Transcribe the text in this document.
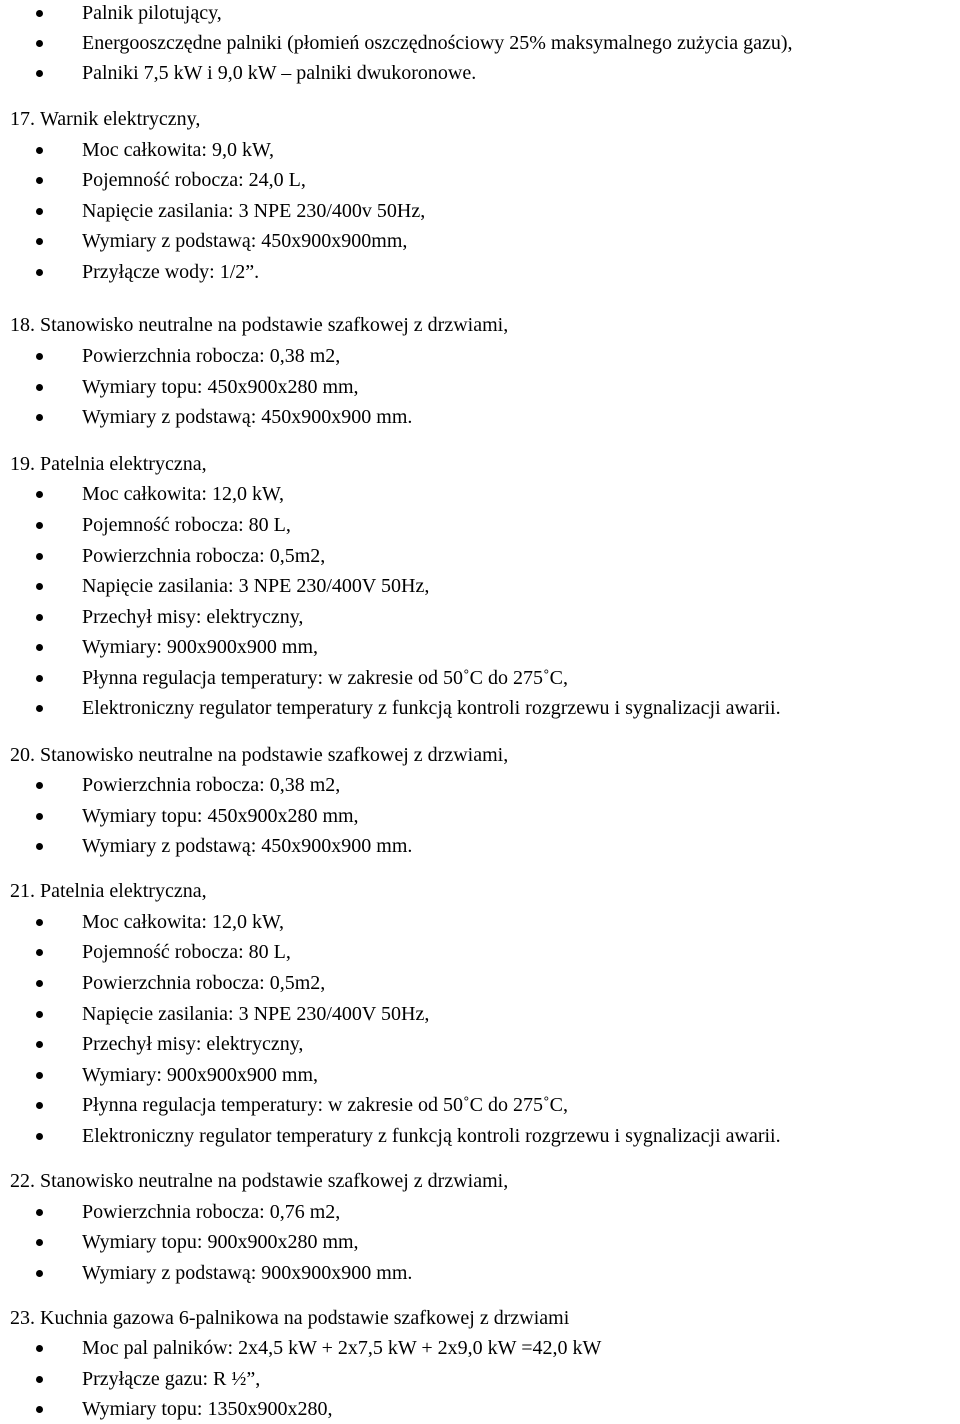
Palnik pilotujący,
Energooszczędne palniki (płomień oszczędnościowy 25% maksymalnego zużycia gazu),
Palniki 7,5 kW i 9,0 kW – palniki dwukoronowe.
17. Warnik elektryczny,
Moc całkowita: 9,0 kW,
Pojemność robocza: 24,0 L,
Napięcie zasilania: 3 NPE 230/400v 50Hz,
Wymiary z podstawą: 450x900x900mm,
Przyłącze wody: 1/2”.
18. Stanowisko neutralne na podstawie szafkowej z drzwiami,
Powierzchnia robocza: 0,38 m2,
Wymiary topu: 450x900x280 mm,
Wymiary z podstawą: 450x900x900 mm.
19. Patelnia elektryczna,
Moc całkowita: 12,0 kW,
Pojemność robocza: 80 L,
Powierzchnia robocza: 0,5m2,
Napięcie zasilania: 3 NPE 230/400V 50Hz,
Przechył misy: elektryczny,
Wymiary: 900x900x900 mm,
Płynna regulacja temperatury: w zakresie od 50˚C do 275˚C,
Elektroniczny regulator temperatury z funkcją kontroli rozgrzewu i sygnalizacji awarii.
20. Stanowisko neutralne na podstawie szafkowej z drzwiami,
Powierzchnia robocza: 0,38 m2,
Wymiary topu: 450x900x280 mm,
Wymiary z podstawą: 450x900x900 mm.
21. Patelnia elektryczna,
Moc całkowita: 12,0 kW,
Pojemność robocza: 80 L,
Powierzchnia robocza: 0,5m2,
Napięcie zasilania: 3 NPE 230/400V 50Hz,
Przechył misy: elektryczny,
Wymiary: 900x900x900 mm,
Płynna regulacja temperatury: w zakresie od 50˚C do 275˚C,
Elektroniczny regulator temperatury z funkcją kontroli rozgrzewu i sygnalizacji awarii.
22. Stanowisko neutralne na podstawie szafkowej z drzwiami,
Powierzchnia robocza: 0,76 m2,
Wymiary topu: 900x900x280 mm,
Wymiary z podstawą: 900x900x900 mm.
23. Kuchnia gazowa 6-palnikowa na podstawie szafkowej z drzwiami
Moc pal palników: 2x4,5 kW + 2x7,5 kW + 2x9,0 kW =42,0 kW
Przyłącze gazu: R ½”,
Wymiary topu: 1350x900x280,
